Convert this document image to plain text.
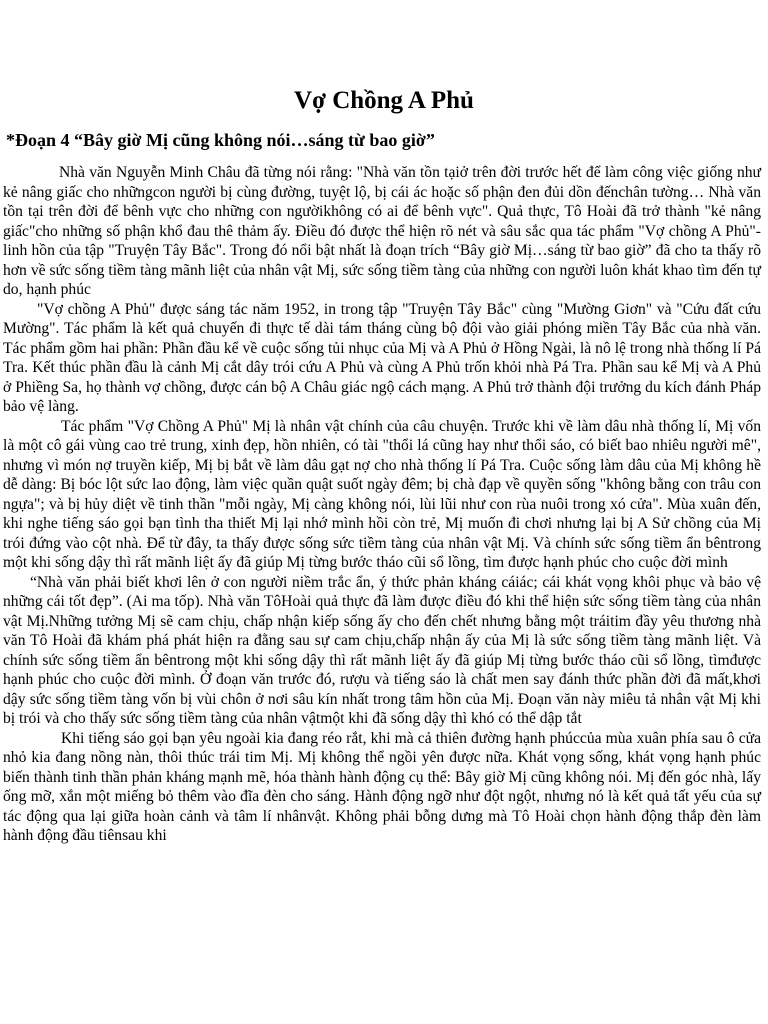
Vợ Chồng A Phủ
*Đoạn 4 “Bây giờ Mị cũng không nói…sáng từ bao giờ”

Nhà văn Nguyễn Minh Châu đã từng nói rằng: "Nhà văn tồn tạiở trên đời trước hết để làm công việc giống như kẻ nâng giấc cho nhữngcon người bị cùng đường, tuyệt lộ, bị cái ác hoặc số phận đen đủi dồn đếnchân tường… Nhà văn tồn tại trên đời để bênh vực cho những con ngườikhông có ai để bênh vực". Quả thực, Tô Hoài đã trở thành "kẻ nâng giấc"cho những số phận khổ đau thê thảm ấy. Điều đó được thể hiện rõ nét và sâu sắc qua tác phẩm "Vợ chồng A Phủ"- linh hồn của tập "Truyện Tây Bắc". Trong đó nổi bật nhất là đoạn trích “Bây giờ Mị…sáng từ bao giờ” đã cho ta thấy rõ hơn về sức sống tiềm tàng mãnh liệt của nhân vật Mị, sức sống tiềm tàng của những con người luôn khát khao tìm đến tự do, hạnh phúc

"Vợ chồng A Phủ" được sáng tác năm 1952, in trong tập "Truyện Tây Bắc" cùng "Mường Giơn" và "Cứu đất cứu Mường". Tác phẩm là kết quả chuyến đi thực tế dài tám tháng cùng bộ đội vào giải phóng miền Tây Bắc của nhà văn. Tác phẩm gồm hai phần: Phần đầu kể về cuộc sống tủi nhục của Mị và A Phủ ở Hồng Ngài, là nô lệ trong nhà thống lí Pá Tra. Kết thúc phần đầu là cảnh Mị cắt dây trói cứu A Phủ và cùng A Phủ trốn khỏi nhà Pá Tra. Phần sau kể Mị và A Phủ ở Phiềng Sa, họ thành vợ chồng, được cán bộ A Châu giác ngộ cách mạng. A Phủ trở thành đội trưởng du kích đánh Pháp bảo vệ làng.

Tác phẩm "Vợ Chồng A Phủ" Mị là nhân vật chính của câu chuyện. Trước khi về làm dâu nhà thống lí, Mị vốn là một cô gái vùng cao trẻ trung, xinh đẹp, hồn nhiên, có tài "thổi lá cũng hay như thổi sáo, có biết bao nhiêu người mê", nhưng vì món nợ truyền kiếp, Mị bị bắt về làm dâu gạt nợ cho nhà thống lí Pá Tra. Cuộc sống làm dâu của Mị không hề dễ dàng: Bị bóc lột sức lao động, làm việc quần quật suốt ngày đêm; bị chà đạp về quyền sống "không bằng con trâu con ngựa"; và bị hủy diệt về tinh thần "mỗi ngày, Mị càng không nói, lùi lũi như con rùa nuôi trong xó cửa". Mùa xuân đến, khi nghe tiếng sáo gọi bạn tình tha thiết Mị lại nhớ mình hồi còn trẻ, Mị muốn đi chơi nhưng lại bị A Sử chồng của Mị trói đứng vào cột nhà. Để từ đây, ta thấy được sống sức tiềm tàng của nhân vật Mị. Và chính sức sống tiềm ẩn bêntrong một khi sống dậy thì rất mãnh liệt ấy đã giúp Mị từng bước tháo cũi sổ lồng, tìm được hạnh phúc cho cuộc đời mình

“Nhà văn phải biết khơi lên ở con người niềm trắc ẩn, ý thức phản kháng cáiác; cái khát vọng khôi phục và bảo vệ những cái tốt đẹp”. (Ai ma tốp). Nhà văn TôHoài quả thực đã làm được điều đó khi thể hiện sức sống tiềm tàng của nhân vật Mị.Những tưởng Mị sẽ cam chịu, chấp nhận kiếp sống ấy cho đến chết nhưng bằng một tráitim đầy yêu thương nhà văn Tô Hoài đã khám phá phát hiện ra đằng sau sự cam chịu,chấp nhận ấy của Mị là sức sống tiềm tàng mãnh liệt. Và chính sức sống tiềm ẩn bêntrong một khi sống dậy thì rất mãnh liệt ấy đã giúp Mị từng bước tháo cũi sổ lồng, tìmđược hạnh phúc cho cuộc đời mình. Ở đoạn văn trước đó, rượu và tiếng sáo là chất men say đánh thức phần đời đã mất,khơi dậy sức sống tiềm tàng vốn bị vùi chôn ở nơi sâu kín nhất trong tâm hồn của Mị. Đoạn văn này miêu tả nhân vật Mị khi bị trói và cho thấy sức sống tiềm tàng của nhân vậtmột khi đã sống dậy thì khó có thể dập tắt

Khi tiếng sáo gọi bạn yêu ngoài kia đang réo rắt, khi mà cả thiên đường hạnh phúccủa mùa xuân phía sau ô cửa nhỏ kia đang nồng nàn, thôi thúc trái tim Mị. Mị không thể ngồi yên được nữa. Khát vọng sống, khát vọng hạnh phúc biến thành tinh thần phản kháng mạnh mẽ, hóa thành hành động cụ thể: Bây giờ Mị cũng không nói. Mị đến góc nhà, lấy ống mỡ, xắn một miếng bỏ thêm vào đĩa đèn cho sáng. Hành động ngỡ như đột ngột, nhưng nó là kết quả tất yếu của sự tác động qua lại giữa hoàn cảnh và tâm lí nhânvật. Không phải bỗng dưng mà Tô Hoài chọn hành động thắp đèn làm hành động đầu tiênsau khi
